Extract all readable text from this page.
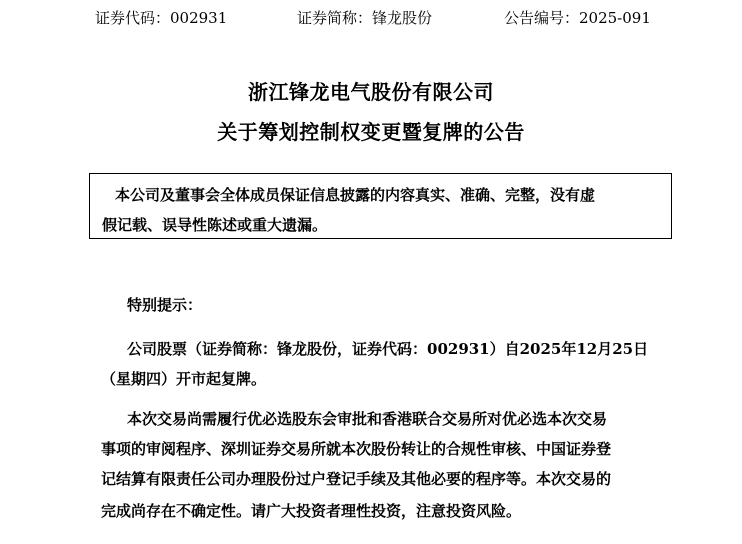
证券代码：002931	证券简称：锋龙股份	公告编号：2025-091
浙江锋龙电气股份有限公司
关于筹划控制权变更暨复牌的公告
本公司及董事会全体成员保证信息披露的内容真实、准确、完整，没有虚
假记载、误导性陈述或重大遗漏。
特别提示：
公司股票（证券简称：锋龙股份，证券代码：002931）自2025年12月25日
（星期四）开市起复牌。
本次交易尚需履行优必选股东会审批和香港联合交易所对优必选本次交易
事项的审阅程序、深圳证券交易所就本次股份转让的合规性审核、中国证券登
记结算有限责任公司办理股份过户登记手续及其他必要的程序等。本次交易的
完成尚存在不确定性。请广大投资者理性投资，注意投资风险。
